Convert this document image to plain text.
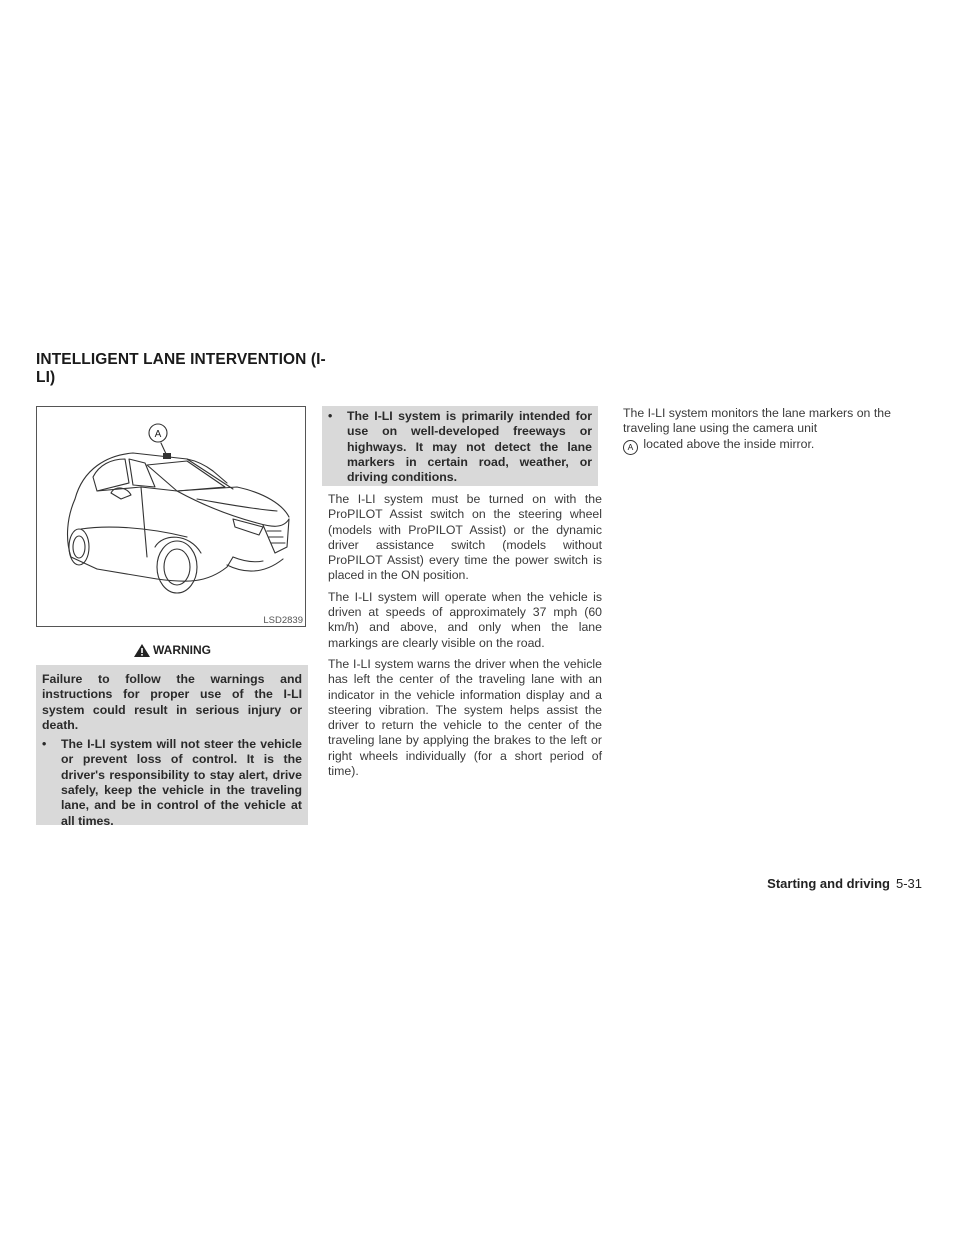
INTELLIGENT LANE INTERVENTION (I-LI)
A
LSD2839
WARNING

Failure to follow the warnings and instructions for proper use of the I-LI system could result in serious injury or death.

• The I-LI system will not steer the vehicle or prevent loss of control. It is the driver's responsibility to stay alert, drive safely, keep the vehicle in the traveling lane, and be in control of the vehicle at all times.
• The I-LI system is primarily intended for use on well-developed freeways or highways. It may not detect the lane markers in certain road, weather, or driving conditions.

The I-LI system must be turned on with the ProPILOT Assist switch on the steering wheel (models with ProPILOT Assist) or the dynamic driver assistance switch (models without ProPILOT Assist) every time the power switch is placed in the ON position.

The I-LI system will operate when the vehicle is driven at speeds of approximately 37 mph (60 km/h) and above, and only when the lane markings are clearly visible on the road.

The I-LI system warns the driver when the vehicle has left the center of the traveling lane with an indicator in the vehicle information display and a steering vibration. The system helps assist the driver to return the vehicle to the center of the traveling lane by applying the brakes to the left or right wheels individually (for a short period of time).

The I-LI system monitors the lane markers on the traveling lane using the camera unit
A located above the inside mirror.

Starting and driving 5-31
